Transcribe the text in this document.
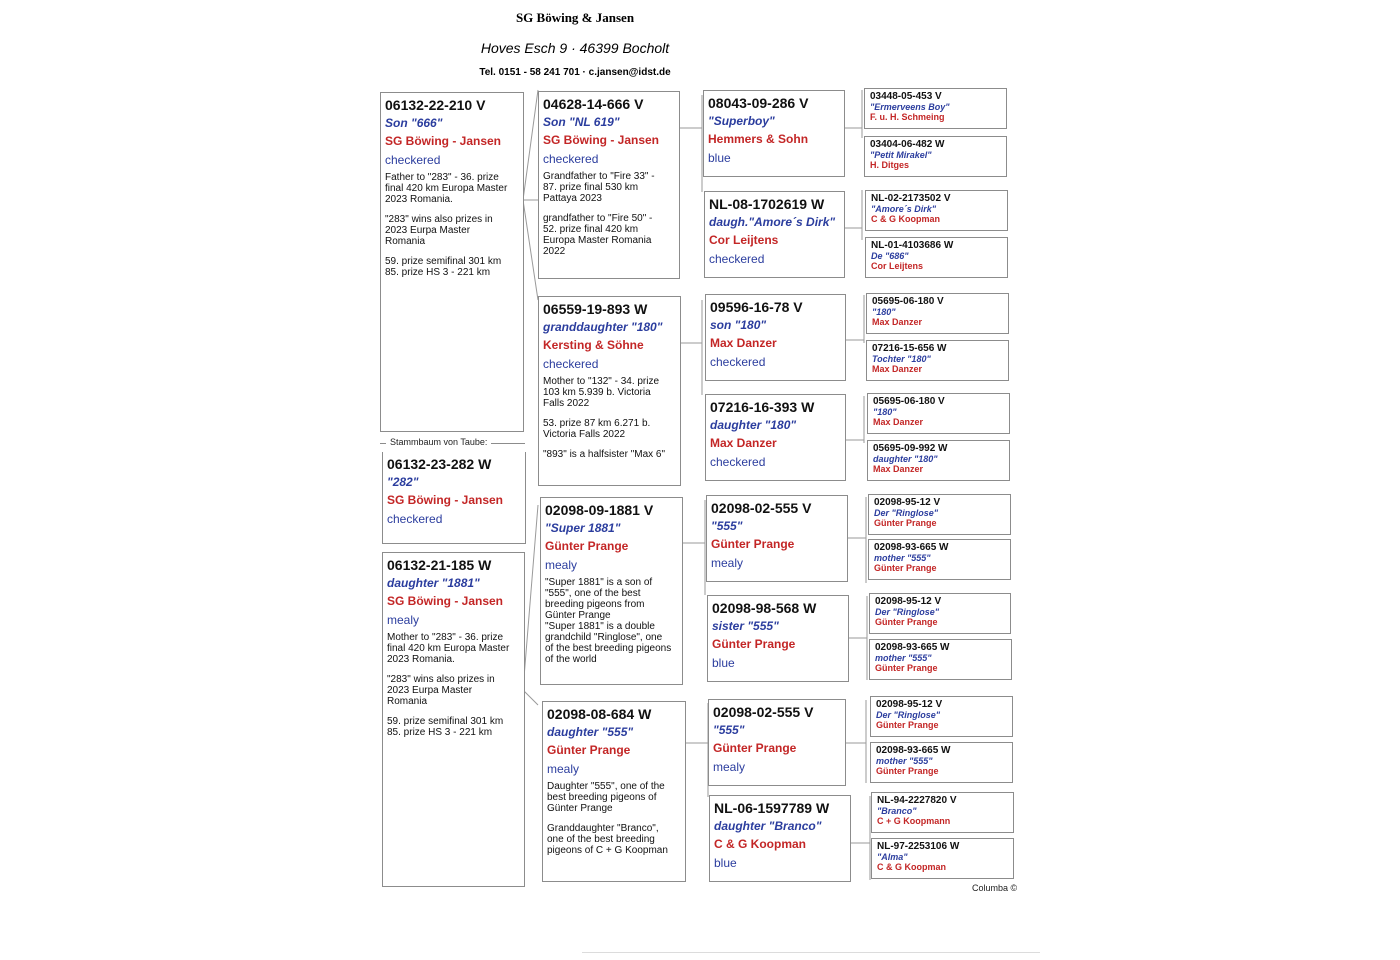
SG Böwing & Jansen
Hoves Esch 9 · 46399 Bocholt
Tel. 0151 - 58 241 701 · c.jansen@idst.de
06132-22-210 V
Son "666"
SG Böwing - Jansen
checkered
Father to "283" - 36. prize
final 420 km Europa Master
2023 Romania.
"283" wins also prizes in
2023 Eurpa Master
Romania
59. prize semifinal 301 km
85. prize HS 3 - 221 km
Stammbaum von Taube:
06132-23-282 W
"282"
SG Böwing - Jansen
checkered
06132-21-185 W
daughter "1881"
SG Böwing - Jansen
mealy
Mother to "283" - 36. prize
final 420 km Europa Master
2023 Romania.
"283" wins also prizes in
2023 Eurpa Master
Romania
59. prize semifinal 301 km
85. prize HS 3 - 221 km
04628-14-666 V
Son "NL 619"
SG Böwing - Jansen
checkered
Grandfather to "Fire 33" -
87. prize final 530 km
Pattaya 2023
grandfather to "Fire 50" -
52. prize final 420 km
Europa Master Romania
2022
06559-19-893 W
granddaughter "180"
Kersting & Söhne
checkered
Mother to "132" - 34. prize
103 km 5.939 b. Victoria
Falls 2022
53. prize 87 km 6.271 b.
Victoria Falls 2022
"893" is a halfsister "Max 6"
02098-09-1881 V
"Super 1881"
Günter Prange
mealy
"Super 1881" is a son of
"555", one of the best
breeding pigeons from
Günter Prange
"Super 1881" is a double
grandchild "Ringlose", one
of the best breeding pigeons
of the world
02098-08-684 W
daughter "555"
Günter Prange
mealy
Daughter "555", one of the
best breeding pigeons of
Günter Prange
Granddaughter "Branco",
one of the best breeding
pigeons of C + G Koopman
08043-09-286 V
"Superboy"
Hemmers & Sohn
blue
NL-08-1702619 W
daugh."Amore´s Dirk"
Cor Leijtens
checkered
09596-16-78 V
son "180"
Max Danzer
checkered
07216-16-393 W
daughter "180"
Max Danzer
checkered
02098-02-555 V
"555"
Günter Prange
mealy
02098-98-568 W
sister "555"
Günter Prange
blue
02098-02-555 V
"555"
Günter Prange
mealy
NL-06-1597789 W
daughter "Branco"
C & G Koopman
blue
03448-05-453 V
"Ermerveens Boy"
F. u. H. Schmeing
03404-06-482 W
"Petit Mirakel"
H. Ditges
NL-02-2173502 V
"Amore´s Dirk"
C & G Koopman
NL-01-4103686 W
De "686"
Cor Leijtens
05695-06-180 V
"180"
Max Danzer
07216-15-656 W
Tochter "180"
Max Danzer
05695-06-180 V
"180"
Max Danzer
05695-09-992 W
daughter "180"
Max Danzer
02098-95-12 V
Der "Ringlose"
Günter Prange
02098-93-665 W
mother "555"
Günter Prange
02098-95-12 V
Der "Ringlose"
Günter Prange
02098-93-665 W
mother "555"
Günter Prange
02098-95-12 V
Der "Ringlose"
Günter Prange
02098-93-665 W
mother "555"
Günter Prange
NL-94-2227820 V
"Branco"
C + G Koopmann
NL-97-2253106 W
"Alma"
C & G Koopman
Columba ©
